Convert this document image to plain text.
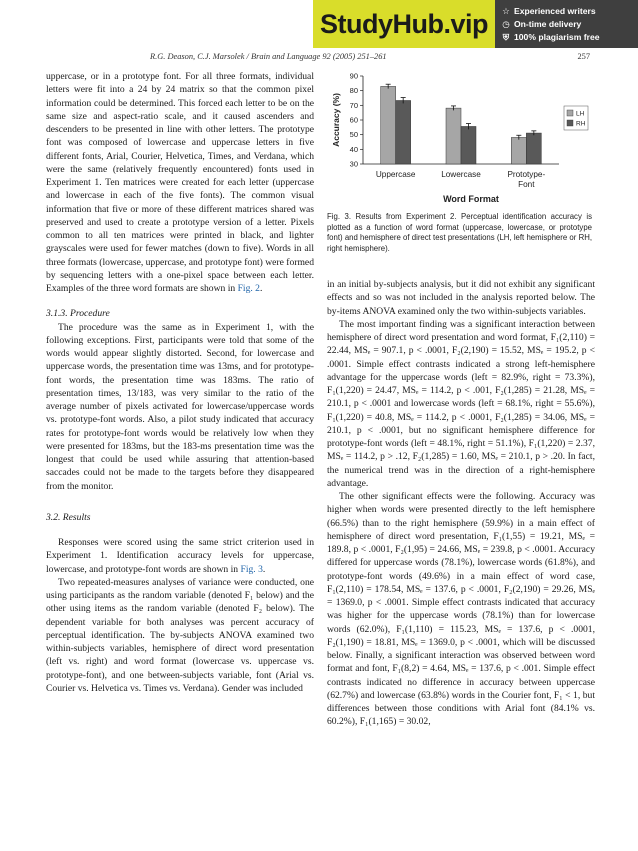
StudyHub.vip	☆ Experienced writers
◷ On-time delivery
⛨ 100% plagiarism free
R.G. Deason, C.J. Marsolek / Brain and Language 92 (2005) 251–261	257

uppercase, or in a prototype font. For all three formats, individual letters were fit into a 24 by 24 matrix so that the common pixel information could be determined. This forced each letter to be on the same size and aspect-ratio scale, and it caused ascenders and descenders to be presented in line with other letters. The prototype font was composed of lowercase and uppercase letters in five different fonts, Arial, Courier, Helvetica, Times, and Verdana, which were the same (relatively frequently encountered) fonts used in Experiment 1. Ten matrices were created for each letter (uppercase and lowercase in each of the five fonts). The common visual information that five or more of these different matrices shared was preserved and used to create a prototype version of a letter. Pixels common to all ten matrices were printed in black, and lighter grayscales were used for fewer matches (down to five). Words in all three formats (lowercase, uppercase, and prototype font) were formed by sequencing letters with a one-pixel space between each letter. Examples of the three word formats are shown in Fig. 2.

3.1.3. Procedure

The procedure was the same as in Experiment 1, with the following exceptions. First, participants were told that some of the words would appear slightly distorted. Second, for lowercase and uppercase words, the presentation time was 13ms, and for prototype-font words, the presentation time was 183ms. The ratio of presentation times, 13/183, was very similar to the ratio of the average number of pixels activated for lowercase/uppercase words vs. prototype-font words. Also, a pilot study indicated that accuracy rates for prototype-font words would be relatively low when they were presented for 183ms, but the 183-ms presentation time was the longest that could be used while assuring that attention-based saccades could not be made to the targets before they disappeared from the monitor.

3.2. Results

Responses were scored using the same strict criterion used in Experiment 1. Identification accuracy levels for uppercase, lowercase, and prototype-font words are shown in Fig. 3.

Two repeated-measures analyses of variance were conducted, one using participants as the random variable (denoted F₁ below) and the other using items as the random variable (denoted F₂ below). The dependent variable for both analyses was percent accuracy of perceptual identification. The by-subjects ANOVA examined two within-subjects variables, hemisphere of direct word presentation (left vs. right) and word format (lowercase vs. uppercase vs. prototype-font), and one between-subjects variable, font (Arial vs. Courier vs. Helvetica vs. Times vs. Verdana). Gender was included

30
40
50
60
70
80
90
Accuracy (%)
Uppercase	Lowercase	Prototype-
Font
Word Format
LH
RH
Fig. 3. Results from Experiment 2. Perceptual identification accuracy is plotted as a function of word format (uppercase, lowercase, or prototype font) and hemisphere of direct test presentations (LH, left hemisphere or RH, right hemisphere).

in an initial by-subjects analysis, but it did not exhibit any significant effects and so was not included in the analysis reported below. The by-items ANOVA examined only the two within-subjects variables.

The most important finding was a significant interaction between hemisphere of direct word presentation and word format, F₁(2,110) = 22.44, MSₑ = 907.1, p < .0001, F₂(2,190) = 15.52, MSₑ = 195.2, p < .0001. Simple effect contrasts indicated a strong left-hemisphere advantage for the uppercase words (left = 82.9%, right = 73.3%), F₁(1,220) = 24.47, MSₑ = 114.2, p < .001, F₂(1,285) = 21.28, MSₑ = 210.1, p < .0001 and lowercase words (left = 68.1%, right = 55.6%), F₁(1,220) = 40.8, MSₑ = 114.2, p < .0001, F₂(1,285) = 34.06, MSₑ = 210.1, p < .0001, but no significant hemisphere difference for prototype-font words (left = 48.1%, right = 51.1%), F₁(1,220) = 2.37, MSₑ = 114.2, p > .12, F₂(1,285) = 1.60, MSₑ = 210.1, p > .20. In fact, the numerical trend was in the direction of a right-hemisphere advantage.

The other significant effects were the following. Accuracy was higher when words were presented directly to the left hemisphere (66.5%) than to the right hemisphere (59.9%) in a main effect of hemisphere of direct word presentation, F₁(1,55) = 19.21, MSₑ = 189.8, p < .0001, F₂(1,95) = 24.66, MSₑ = 239.8, p < .0001. Accuracy differed for uppercase words (78.1%), lowercase words (61.8%), and prototype-font words (49.6%) in a main effect of word case, F₁(2,110) = 178.54, MSₑ = 137.6, p < .0001, F₂(2,190) = 29.26, MSₑ = 1369.0, p < .0001. Simple effect contrasts indicated that accuracy was higher for the uppercase words (78.1%) than for lowercase words (62.0%), F₁(1,110) = 115.23, MSₑ = 137.6, p < .0001, F₂(1,190) = 18.81, MSₑ = 1369.0, p < .0001, which will be discussed below. Finally, a significant interaction was observed between word format and font, F₁(8,2) = 4.64, MSₑ = 137.6, p < .001. Simple effect contrasts indicated no difference in accuracy between uppercase (62.7%) and lowercase (63.8%) words in the Courier font, F₁ < 1, but differences between those conditions with Arial font (84.1% vs. 60.2%), F₁(1,165) = 30.02,
